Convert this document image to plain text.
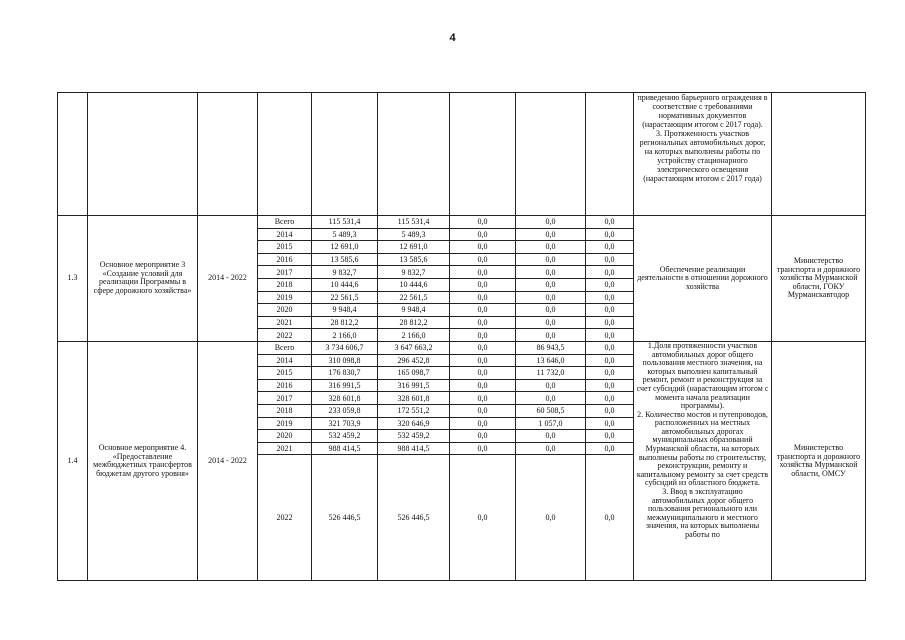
4
									приведению барьерного ограждения в соответствие с требованиями нормативных документов (нарастающим итогом с 2017 года).
3. Протяженность участков региональных автомобильных дорог, на которых выполнены работы по устройству стационарного электрического освещения (нарастающим итогом с 2017 года)	
1.3	Основное мероприятие 3 «Создание условий для реализации Программы в сфере дорожного хозяйства»	2014 - 2022	Всего	115 531,4	115 531,4	0,0	0,0	0,0	Обеспечение реализации деятельности в отношении дорожного хозяйства	Министерство транспорта и дорожного хозяйства Мурманской области, ГОКУ Мурманскавтодор
			2014	5 489,3	5 489,3	0,0	0,0	0,0		
			2015	12 691,0	12 691,0	0,0	0,0	0,0		
			2016	13 585,6	13 585,6	0,0	0,0	0,0		
			2017	9 832,7	9 832,7	0,0	0,0	0,0		
			2018	10 444,6	10 444,6	0,0	0,0	0,0		
			2019	22 561,5	22 561,5	0,0	0,0	0,0		
			2020	9 948,4	9 948,4	0,0	0,0	0,0		
			2021	28 812,2	28 812,2	0,0	0,0	0,0		
			2022	2 166,0	2 166,0	0,0	0,0	0,0		
1.4	Основное мероприятие 4. «Предоставление межбюджетных трансфертов бюджетам другого уровня»	2014 - 2022	Всего	3 734 606,7	3 647 663,2	0,0	86 943,5	0,0	1.Доля протяженности участков автомобильных дорог общего пользования местного значения, на которых выполнен капитальный ремонт, ремонт и реконструкция за счет субсидий (нарастающим итогом с момента начала реализации программы).
2. Количество мостов и путепроводов, расположенных на местных автомобильных дорогах муниципальных образований Мурманской области, на которых выполнены работы по строительству, реконструкции, ремонту и капитальному ремонту за счет средств субсидий из областного бюджета.
3. Ввод в эксплуатацию автомобильных дорог общего пользования регионального или межмуниципального и местного значения, на которых выполнены работы по	Министерство транспорта и дорожного хозяйства Мурманской области, ОМСУ
			2014	310 098,8	296 452,8	0,0	13 646,0	0,0		
			2015	176 830,7	165 098,7	0,0	11 732,0	0,0		
			2016	316 991,5	316 991,5	0,0	0,0	0,0		
			2017	328 601,8	328 601,8	0,0	0,0	0,0		
			2018	233 059,8	172 551,2	0,0	60 508,5	0,0		
			2019	321 703,9	320 646,9	0,0	1 057,0	0,0		
			2020	532 459,2	532 459,2	0,0	0,0	0,0		
			2021	988 414,5	988 414,5	0,0	0,0	0,0		
			2022	526 446,5	526 446,5	0,0	0,0	0,0		
